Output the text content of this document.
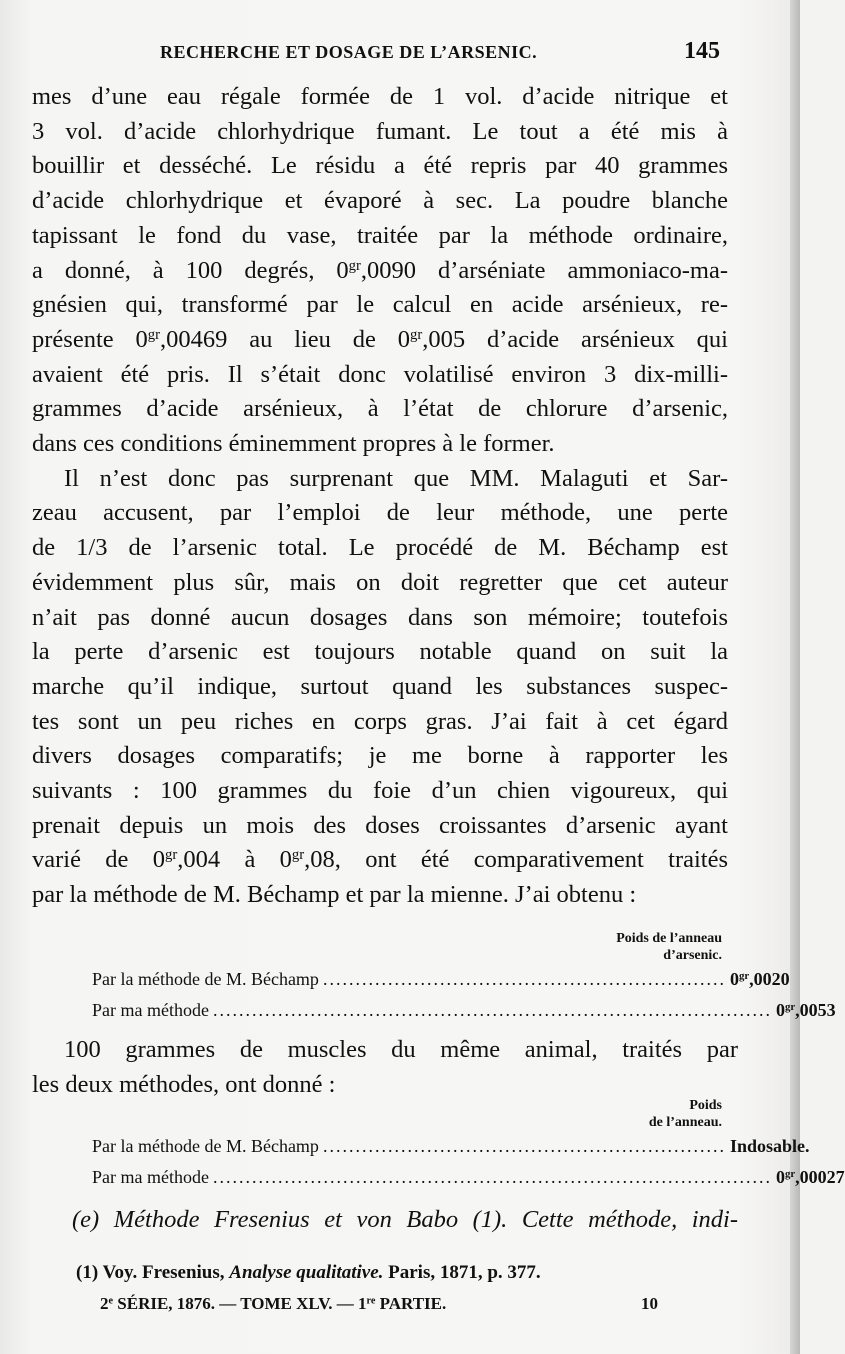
RECHERCHE ET DOSAGE DE L’ARSENIC.	145
mes d’une eau régale formée de 1 vol. d’acide nitrique et
3 vol. d’acide chlorhydrique fumant. Le tout a été mis à
bouillir et desséché. Le résidu a été repris par 40 grammes
d’acide chlorhydrique et évaporé à sec. La poudre blanche
tapissant le fond du vase, traitée par la méthode ordinaire,
a donné, à 100 degrés, $0^{gr},0090$ d’arséniate ammoniaco-ma-
gnésien qui, transformé par le calcul en acide arsénieux, re-
présente $0^{gr},00469$ au lieu de $0^{gr},005$ d’acide arsénieux qui
avaient été pris. Il s’était donc volatilisé environ 3 dix-milli-
grammes d’acide arsénieux, à l’état de chlorure d’arsenic,
dans ces conditions éminemment propres à le former.
Il n’est donc pas surprenant que MM. Malaguti et Sar-
zeau accusent, par l’emploi de leur méthode, une perte
de 1/3 de l’arsenic total. Le procédé de M. Béchamp est
évidemment plus sûr, mais on doit regretter que cet auteur
n’ait pas donné aucun dosages dans son mémoire; toutefois
la perte d’arsenic est toujours notable quand on suit la
marche qu’il indique, surtout quand les substances suspec-
tes sont un peu riches en corps gras. J’ai fait à cet égard
divers dosages comparatifs; je me borne à rapporter les
suivants : 100 grammes du foie d’un chien vigoureux, qui
prenait depuis un mois des doses croissantes d’arsenic ayant
varié de $0^{gr},004$ à $0^{gr},08$, ont été comparativement traités
par la méthode de M. Béchamp et par la mienne. J’ai obtenu :
Poids de l’anneau
d’arsenic.
Par la méthode de M. Béchamp .............................................................. $0^{gr},0020$
Par ma méthode ...................................................................................... $0^{gr},0053$
100 grammes de muscles du même animal, traités par
les deux méthodes, ont donné :
Poids
de l’anneau.
Par la méthode de M. Béchamp .............................................................. Indosable.
Par ma méthode ...................................................................................... $0^{gr},00027$
(e) Méthode Fresenius et von Babo (1). Cette méthode, indi-
(1) Voy. Fresenius, Analyse qualitative. Paris, 1871, p. 377.
2e SÉRIE, 1876. — TOME XLV. — 1re PARTIE.	10
